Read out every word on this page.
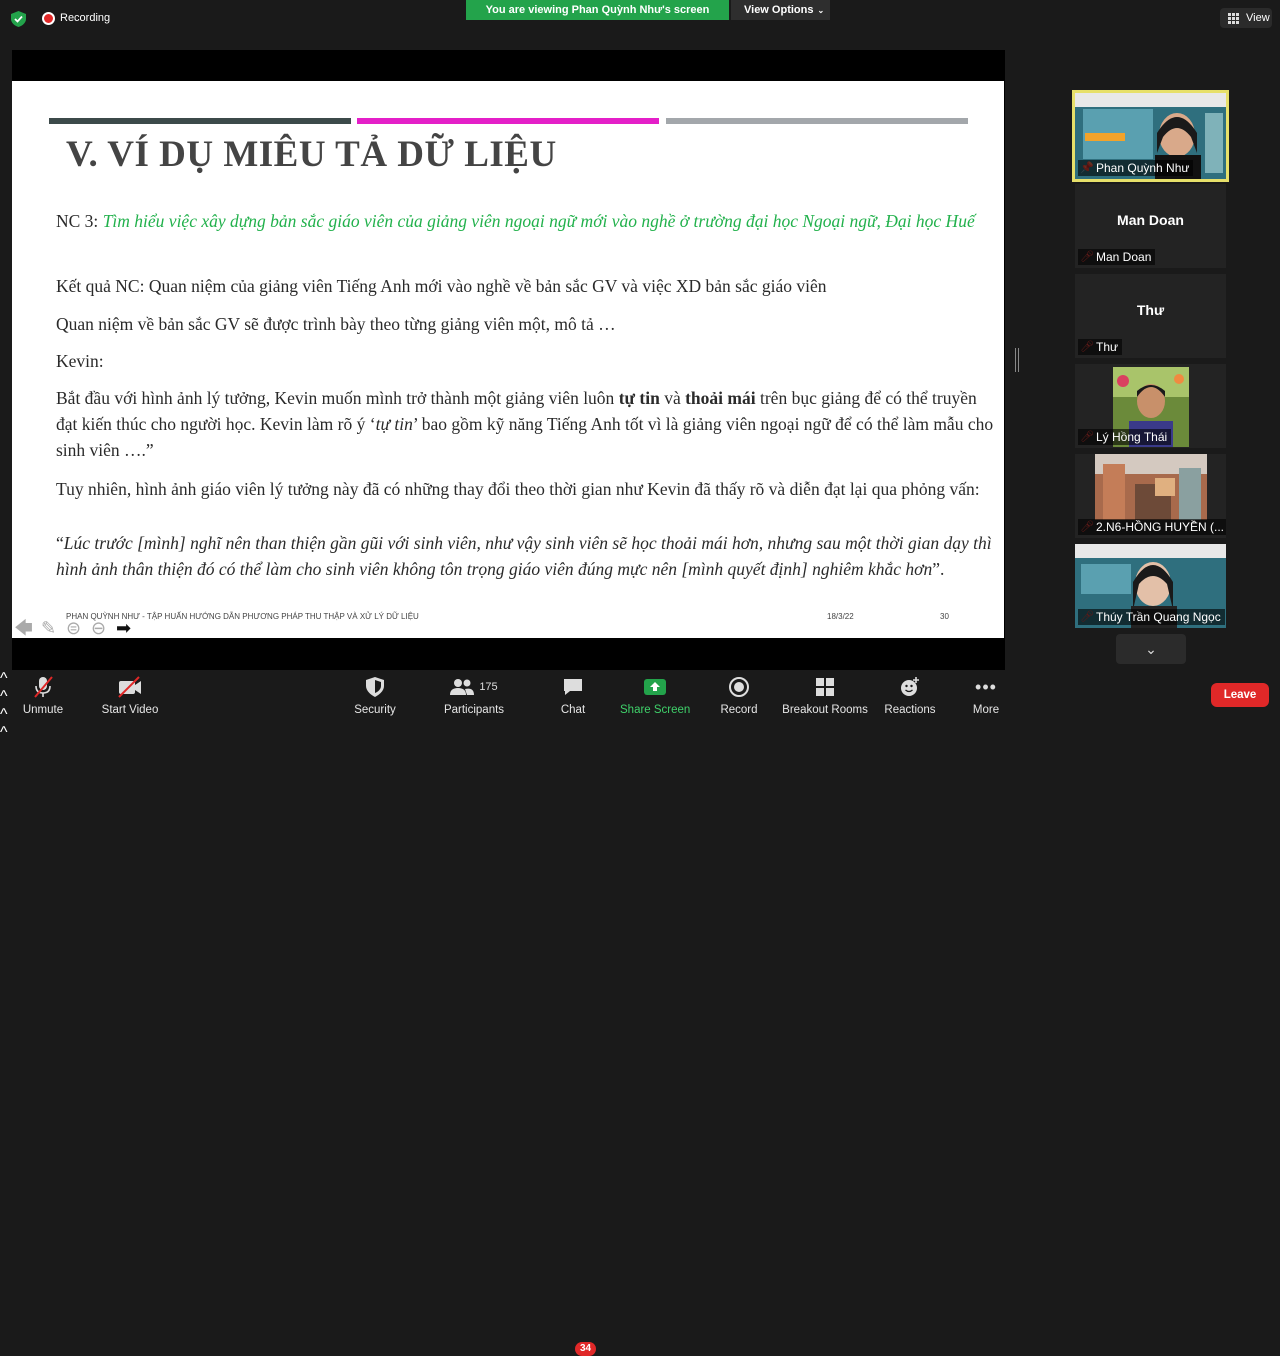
Recording
You are viewing Phan Quỳnh Như's screen	View Options ⌄
View
V. VÍ DỤ MIÊU TẢ DỮ LIỆU
NC 3: Tìm hiểu việc xây dựng bản sắc giáo viên của giảng viên ngoại ngữ mới vào nghề ở trường đại học Ngoại ngữ, Đại học Huế
Kết quả NC: Quan niệm của giảng viên Tiếng Anh mới vào nghề về bản sắc GV và việc XD bản sắc giáo viên
Quan niệm về bản sắc GV sẽ được trình bày theo từng giảng viên một, mô tả …
Kevin:
Bắt đầu với hình ảnh lý tưởng, Kevin muốn mình trở thành một giảng viên luôn tự tin và thoải mái trên bục giảng để có thể truyền đạt kiến thúc cho người học. Kevin làm rõ ý ‘tự tin’ bao gồm kỹ năng Tiếng Anh tốt vì là giảng viên ngoại ngữ để có thể làm mẫu cho sinh viên ….”
Tuy nhiên, hình ảnh giáo viên lý tưởng này đã có những thay đổi theo thời gian như Kevin đã thấy rõ và diễn đạt lại qua phỏng vấn:
“Lúc trước [mình] nghĩ nên than thiện gần gũi với sinh viên, như vậy sinh viên sẽ học thoải mái hơn, nhưng sau một thời gian dạy thì hình ảnh thân thiện đó có thể làm cho sinh viên không tôn trọng giáo viên đúng mực nên [mình quyết định] nghiêm khắc hơn”.
PHAN QUỲNH NHƯ - TẬP HUẤN HƯỚNG DẪN PHƯƠNG PHÁP THU THẬP VÀ XỬ LÝ DỮ LIỆU	18/3/22	30
🡄 ✎ ⊜ ⊖ ➡
Phan Quỳnh Như
Man Doan
Man Doan
Thư
Thư
Lý Hồng Thái
2.N6-HỒNG HUYỀN (...
Thúy Trần Quang Ngọc
⌄
Unmute
^
Start Video
^
Security
175
Participants
^	Chat
34
Share Screen
^
Record	Breakout Rooms Reactions
•••
More
Leave
